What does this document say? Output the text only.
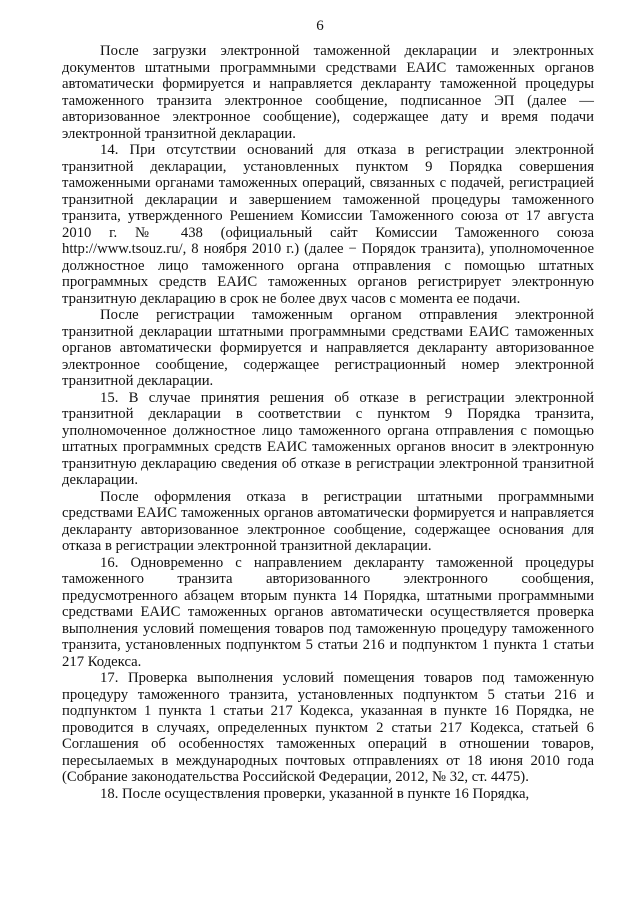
6

После загрузки электронной таможенной декларации и электронных документов штатными программными средствами ЕАИС таможенных органов автоматически формируется и направляется декларанту таможенной процедуры таможенного транзита электронное сообщение, подписанное ЭП (далее — авторизованное электронное сообщение), содержащее дату и время подачи электронной транзитной декларации.

14. При отсутствии оснований для отказа в регистрации электронной транзитной декларации, установленных пунктом 9 Порядка совершения таможенными органами таможенных операций, связанных с подачей, регистрацией транзитной декларации и завершением таможенной процедуры таможенного транзита, утвержденного Решением Комиссии Таможенного союза от 17 августа 2010 г. № 438 (официальный сайт Комиссии Таможенного союза http://www.tsouz.ru/, 8 ноября 2010 г.) (далее − Порядок транзита), уполномоченное должностное лицо таможенного органа отправления с помощью штатных программных средств ЕАИС таможенных органов регистрирует электронную транзитную декларацию в срок не более двух часов с момента ее подачи.

После регистрации таможенным органом отправления электронной транзитной декларации штатными программными средствами ЕАИС таможенных органов автоматически формируется и направляется декларанту авторизованное электронное сообщение, содержащее регистрационный номер электронной транзитной декларации.

15. В случае принятия решения об отказе в регистрации электронной транзитной декларации в соответствии с пунктом 9 Порядка транзита, уполномоченное должностное лицо таможенного органа отправления с помощью штатных программных средств ЕАИС таможенных органов вносит в электронную транзитную декларацию сведения об отказе в регистрации электронной транзитной декларации.

После оформления отказа в регистрации штатными программными средствами ЕАИС таможенных органов автоматически формируется и направляется декларанту авторизованное электронное сообщение, содержащее основания для отказа в регистрации электронной транзитной декларации.

16. Одновременно с направлением декларанту таможенной процедуры таможенного транзита авторизованного электронного сообщения, предусмотренного абзацем вторым пункта 14 Порядка, штатными программными средствами ЕАИС таможенных органов автоматически осуществляется проверка выполнения условий помещения товаров под таможенную процедуру таможенного транзита, установленных подпунктом 5 статьи 216 и подпунктом 1 пункта 1 статьи 217 Кодекса.

17. Проверка выполнения условий помещения товаров под таможенную процедуру таможенного транзита, установленных подпунктом 5 статьи 216 и подпунктом 1 пункта 1 статьи 217 Кодекса, указанная в пункте 16 Порядка, не проводится в случаях, определенных пунктом 2 статьи 217 Кодекса, статьей 6 Соглашения об особенностях таможенных операций в отношении товаров, пересылаемых в международных почтовых отправлениях от 18 июня 2010 года (Собрание законодательства Российской Федерации, 2012, № 32, ст. 4475).

18. После осуществления проверки, указанной в пункте 16 Порядка,
